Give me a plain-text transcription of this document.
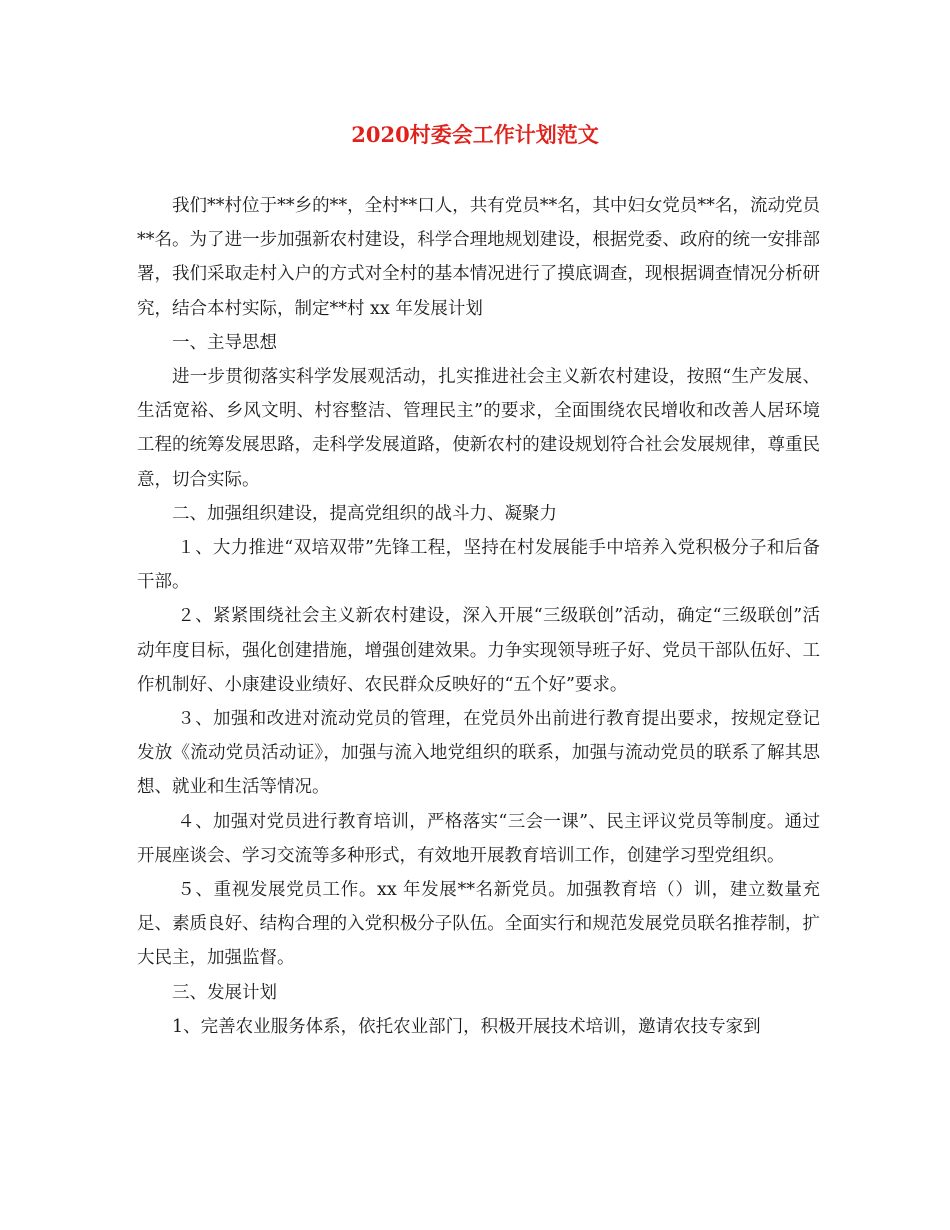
2020村委会工作计划范文

我们**村位于**乡的**，全村**口人，共有党员**名，其中妇女党员**名，流动党员**名。为了进一步加强新农村建设，科学合理地规划建设，根据党委、政府的统一安排部署，我们采取走村入户的方式对全村的基本情况进行了摸底调查，现根据调查情况分析研究，结合本村实际，制定**村 xx 年发展计划

一、主导思想

进一步贯彻落实科学发展观活动，扎实推进社会主义新农村建设，按照“生产发展、生活宽裕、乡风文明、村容整洁、管理民主”的要求，全面围绕农民增收和改善人居环境工程的统筹发展思路，走科学发展道路，使新农村的建设规划符合社会发展规律，尊重民意，切合实际。

二、加强组织建设，提高党组织的战斗力、凝聚力

１、大力推进“双培双带”先锋工程，坚持在村发展能手中培养入党积极分子和后备干部。

２、紧紧围绕社会主义新农村建设，深入开展“三级联创”活动，确定“三级联创”活动年度目标，强化创建措施，增强创建效果。力争实现领导班子好、党员干部队伍好、工作机制好、小康建设业绩好、农民群众反映好的“五个好”要求。

３、加强和改进对流动党员的管理，在党员外出前进行教育提出要求，按规定登记发放《流动党员活动证》，加强与流入地党组织的联系，加强与流动党员的联系了解其思想、就业和生活等情况。

４、加强对党员进行教育培训，严格落实“三会一课”、民主评议党员等制度。通过开展座谈会、学习交流等多种形式，有效地开展教育培训工作，创建学习型党组织。

５、重视发展党员工作。xx 年发展**名新党员。加强教育培（）训，建立数量充足、素质良好、结构合理的入党积极分子队伍。全面实行和规范发展党员联名推荐制，扩大民主，加强监督。

三、发展计划

1、完善农业服务体系，依托农业部门，积极开展技术培训，邀请农技专家到
